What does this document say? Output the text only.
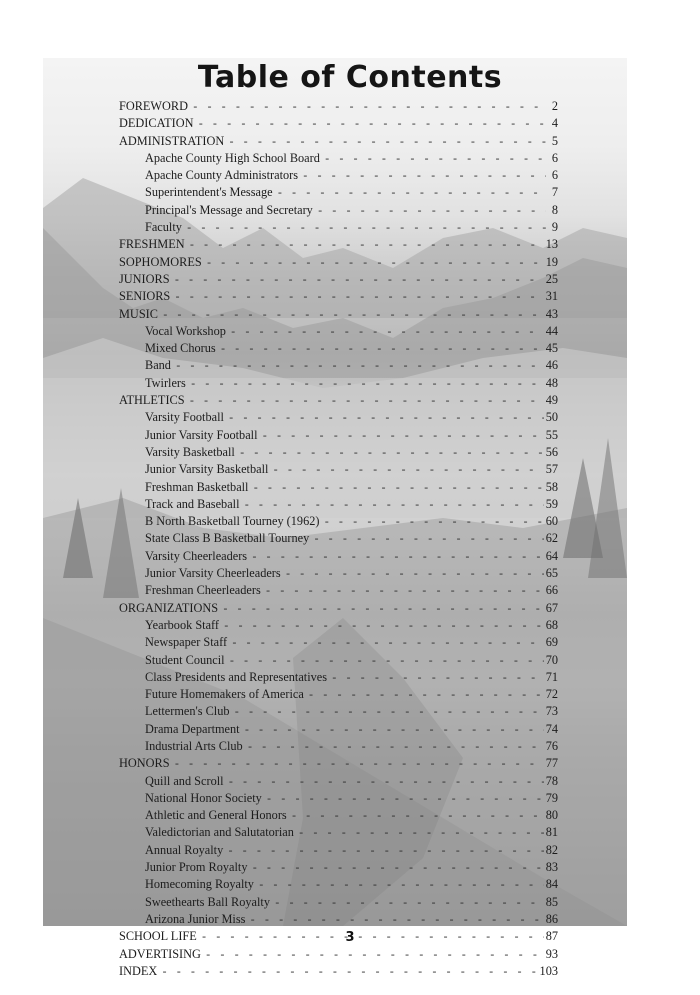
Table of Contents
FOREWORD - - -	2
DEDICATION - - -	4
ADMINISTRATION - - -	5
Apache County High School Board - - -	6
Apache County Administrators - - -	6
Superintendent's Message - - -	7
Principal's Message and Secretary - - -	8
Faculty - - -	9
FRESHMEN - - -	13
SOPHOMORES - - -	19
JUNIORS - - -	25
SENIORS - - -	31
MUSIC - - -	43
Vocal Workshop - - -	44
Mixed Chorus - - -	45
Band - - -	46
Twirlers - - -	48
ATHLETICS - - -	49
Varsity Football - - -	50
Junior Varsity Football - - -	55
Varsity Basketball - - -	56
Junior Varsity Basketball - - -	57
Freshman Basketball - - -	58
Track and Baseball - - -	59
B North Basketball Tourney (1962) - - -	60
State Class B Basketball Tourney - - -	62
Varsity Cheerleaders - - -	64
Junior Varsity Cheerleaders - - -	65
Freshman Cheerleaders - - -	66
ORGANIZATIONS - - -	67
Yearbook Staff - - -	68
Newspaper Staff - - -	69
Student Council - - -	70
Class Presidents and Representatives - - -	71
Future Homemakers of America - - -	72
Lettermen's Club - - -	73
Drama Department - - -	74
Industrial Arts Club - - -	76
HONORS - - -	77
Quill and Scroll - - -	78
National Honor Society - - -	79
Athletic and General Honors - - -	80
Valedictorian and Salutatorian - - -	81
Annual Royalty - - -	82
Junior Prom Royalty - - -	83
Homecoming Royalty - - -	84
Sweethearts Ball Royalty - - -	85
Arizona Junior Miss - - -	86
SCHOOL LIFE - - -	87
ADVERTISING - - -	93
INDEX - - -	103
3
